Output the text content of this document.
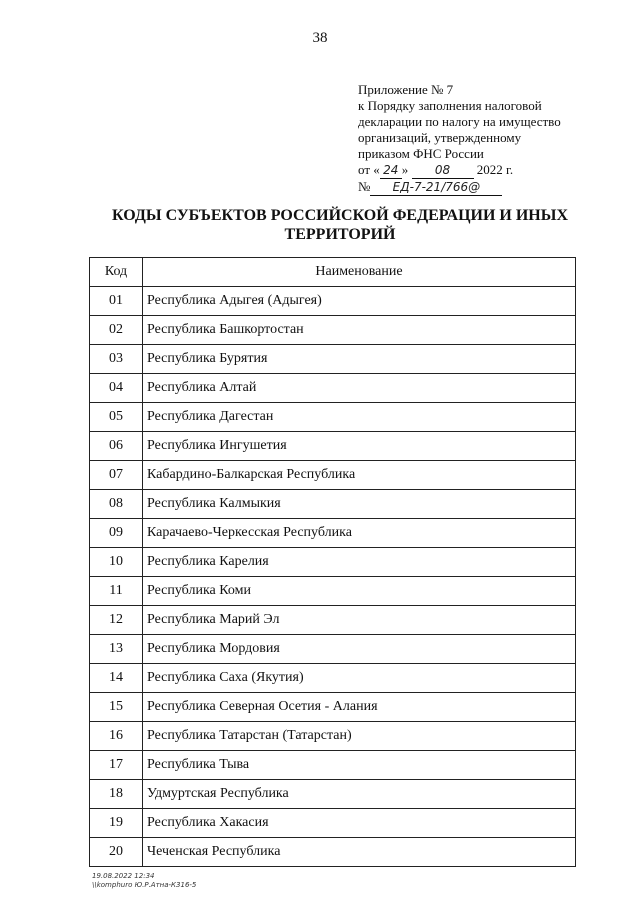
38
Приложение № 7
к Порядку заполнения налоговой
декларации по налогу на имущество
организаций, утвержденному
приказом ФНС России
от « 24 » 08 2022 г.
№ ЕД-7-21/766@
КОДЫ СУБЪЕКТОВ РОССИЙСКОЙ ФЕДЕРАЦИИ И ИНЫХ
ТЕРРИТОРИЙ
Код	Наименование
01	Республика Адыгея (Адыгея)
02	Республика Башкортостан
03	Республика Бурятия
04	Республика Алтай
05	Республика Дагестан
06	Республика Ингушетия
07	Кабардино-Балкарская Республика
08	Республика Калмыкия
09	Карачаево-Черкесская Республика
10	Республика Карелия
11	Республика Коми
12	Республика Марий Эл
13	Республика Мордовия
14	Республика Саха (Якутия)
15	Республика Северная Осетия - Алания
16	Республика Татарстан (Татарстан)
17	Республика Тыва
18	Удмуртская Республика
19	Республика Хакасия
20	Чеченская Республика
19.08.2022 12:34
\\komphuro Ю.Р.Атна-К316-5
